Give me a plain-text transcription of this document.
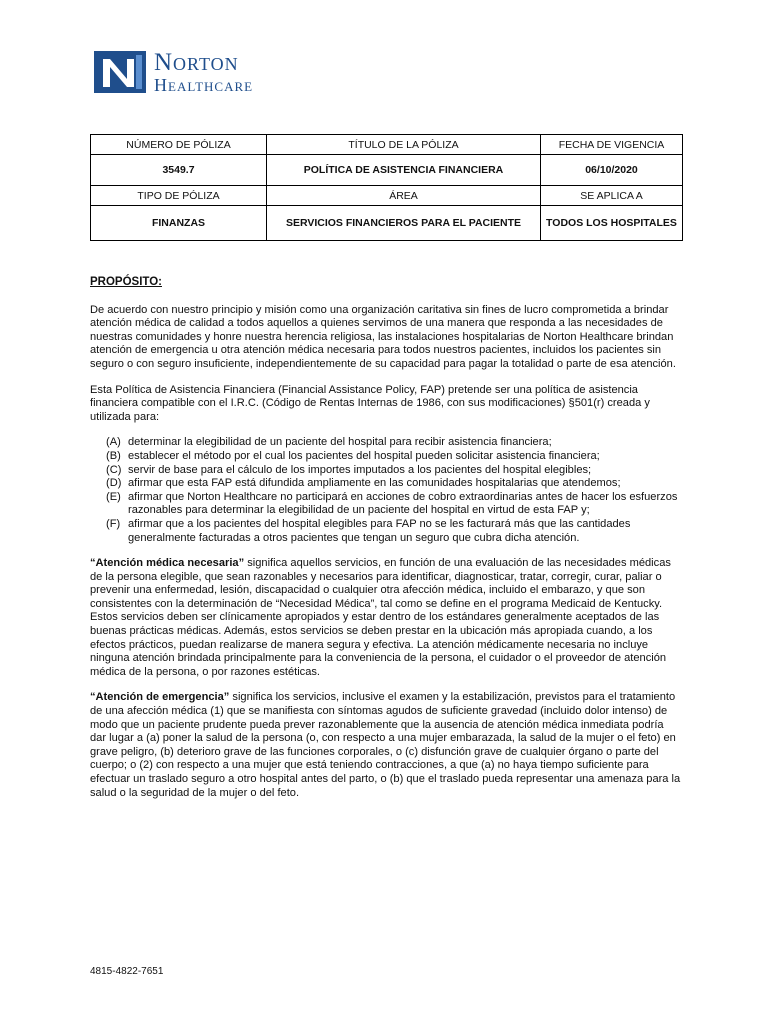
Norton
Healthcare
NÚMERO DE PÓLIZA	TÍTULO DE LA PÓLIZA	FECHA DE VIGENCIA
3549.7	POLÍTICA DE ASISTENCIA FINANCIERA	06/10/2020
TIPO DE PÓLIZA	ÁREA	SE APLICA A
FINANZAS	SERVICIOS FINANCIEROS PARA EL PACIENTE	TODOS LOS HOSPITALES
PROPÓSITO:

De acuerdo con nuestro principio y misión como una organización caritativa sin fines de lucro comprometida a brindar atención médica de calidad a todos aquellos a quienes servimos de una manera que responda a las necesidades de nuestras comunidades y honre nuestra herencia religiosa, las instalaciones hospitalarias de Norton Healthcare brindan atención de emergencia u otra atención médica necesaria para todos nuestros pacientes, incluidos los pacientes sin seguro o con seguro insuficiente, independientemente de su capacidad para pagar la totalidad o parte de esa atención.

Esta Política de Asistencia Financiera (Financial Assistance Policy, FAP) pretende ser una política de asistencia financiera compatible con el I.R.C. (Código de Rentas Internas de 1986, con sus modificaciones) §501(r) creada y utilizada para:

(A) determinar la elegibilidad de un paciente del hospital para recibir asistencia financiera;
(B) establecer el método por el cual los pacientes del hospital pueden solicitar asistencia financiera;
(C) servir de base para el cálculo de los importes imputados a los pacientes del hospital elegibles;
(D) afirmar que esta FAP está difundida ampliamente en las comunidades hospitalarias que atendemos;
(E) afirmar que Norton Healthcare no participará en acciones de cobro extraordinarias antes de hacer los esfuerzos razonables para determinar la elegibilidad de un paciente del hospital en virtud de esta FAP y;
(F) afirmar que a los pacientes del hospital elegibles para FAP no se les facturará más que las cantidades generalmente facturadas a otros pacientes que tengan un seguro que cubra dicha atención.

“Atención médica necesaria” significa aquellos servicios, en función de una evaluación de las necesidades médicas de la persona elegible, que sean razonables y necesarios para identificar, diagnosticar, tratar, corregir, curar, paliar o prevenir una enfermedad, lesión, discapacidad o cualquier otra afección médica, incluido el embarazo, y que son consistentes con la determinación de “Necesidad Médica”, tal como se define en el programa Medicaid de Kentucky. Estos servicios deben ser clínicamente apropiados y estar dentro de los estándares generalmente aceptados de las buenas prácticas médicas. Además, estos servicios se deben prestar en la ubicación más apropiada cuando, a los efectos prácticos, puedan realizarse de manera segura y efectiva. La atención médicamente necesaria no incluye ninguna atención brindada principalmente para la conveniencia de la persona, el cuidador o el proveedor de atención médica de la persona, o por razones estéticas.

“Atención de emergencia” significa los servicios, inclusive el examen y la estabilización, previstos para el tratamiento de una afección médica (1) que se manifiesta con síntomas agudos de suficiente gravedad (incluido dolor intenso) de modo que un paciente prudente pueda prever razonablemente que la ausencia de atención médica inmediata podría dar lugar a (a) poner la salud de la persona (o, con respecto a una mujer embarazada, la salud de la mujer o el feto) en grave peligro, (b) deterioro grave de las funciones corporales, o (c) disfunción grave de cualquier órgano o parte del cuerpo; o (2) con respecto a una mujer que está teniendo contracciones, a que (a) no haya tiempo suficiente para efectuar un traslado seguro a otro hospital antes del parto, o (b) que el traslado pueda representar una amenaza para la salud o la seguridad de la mujer o del feto.

4815-4822-7651
